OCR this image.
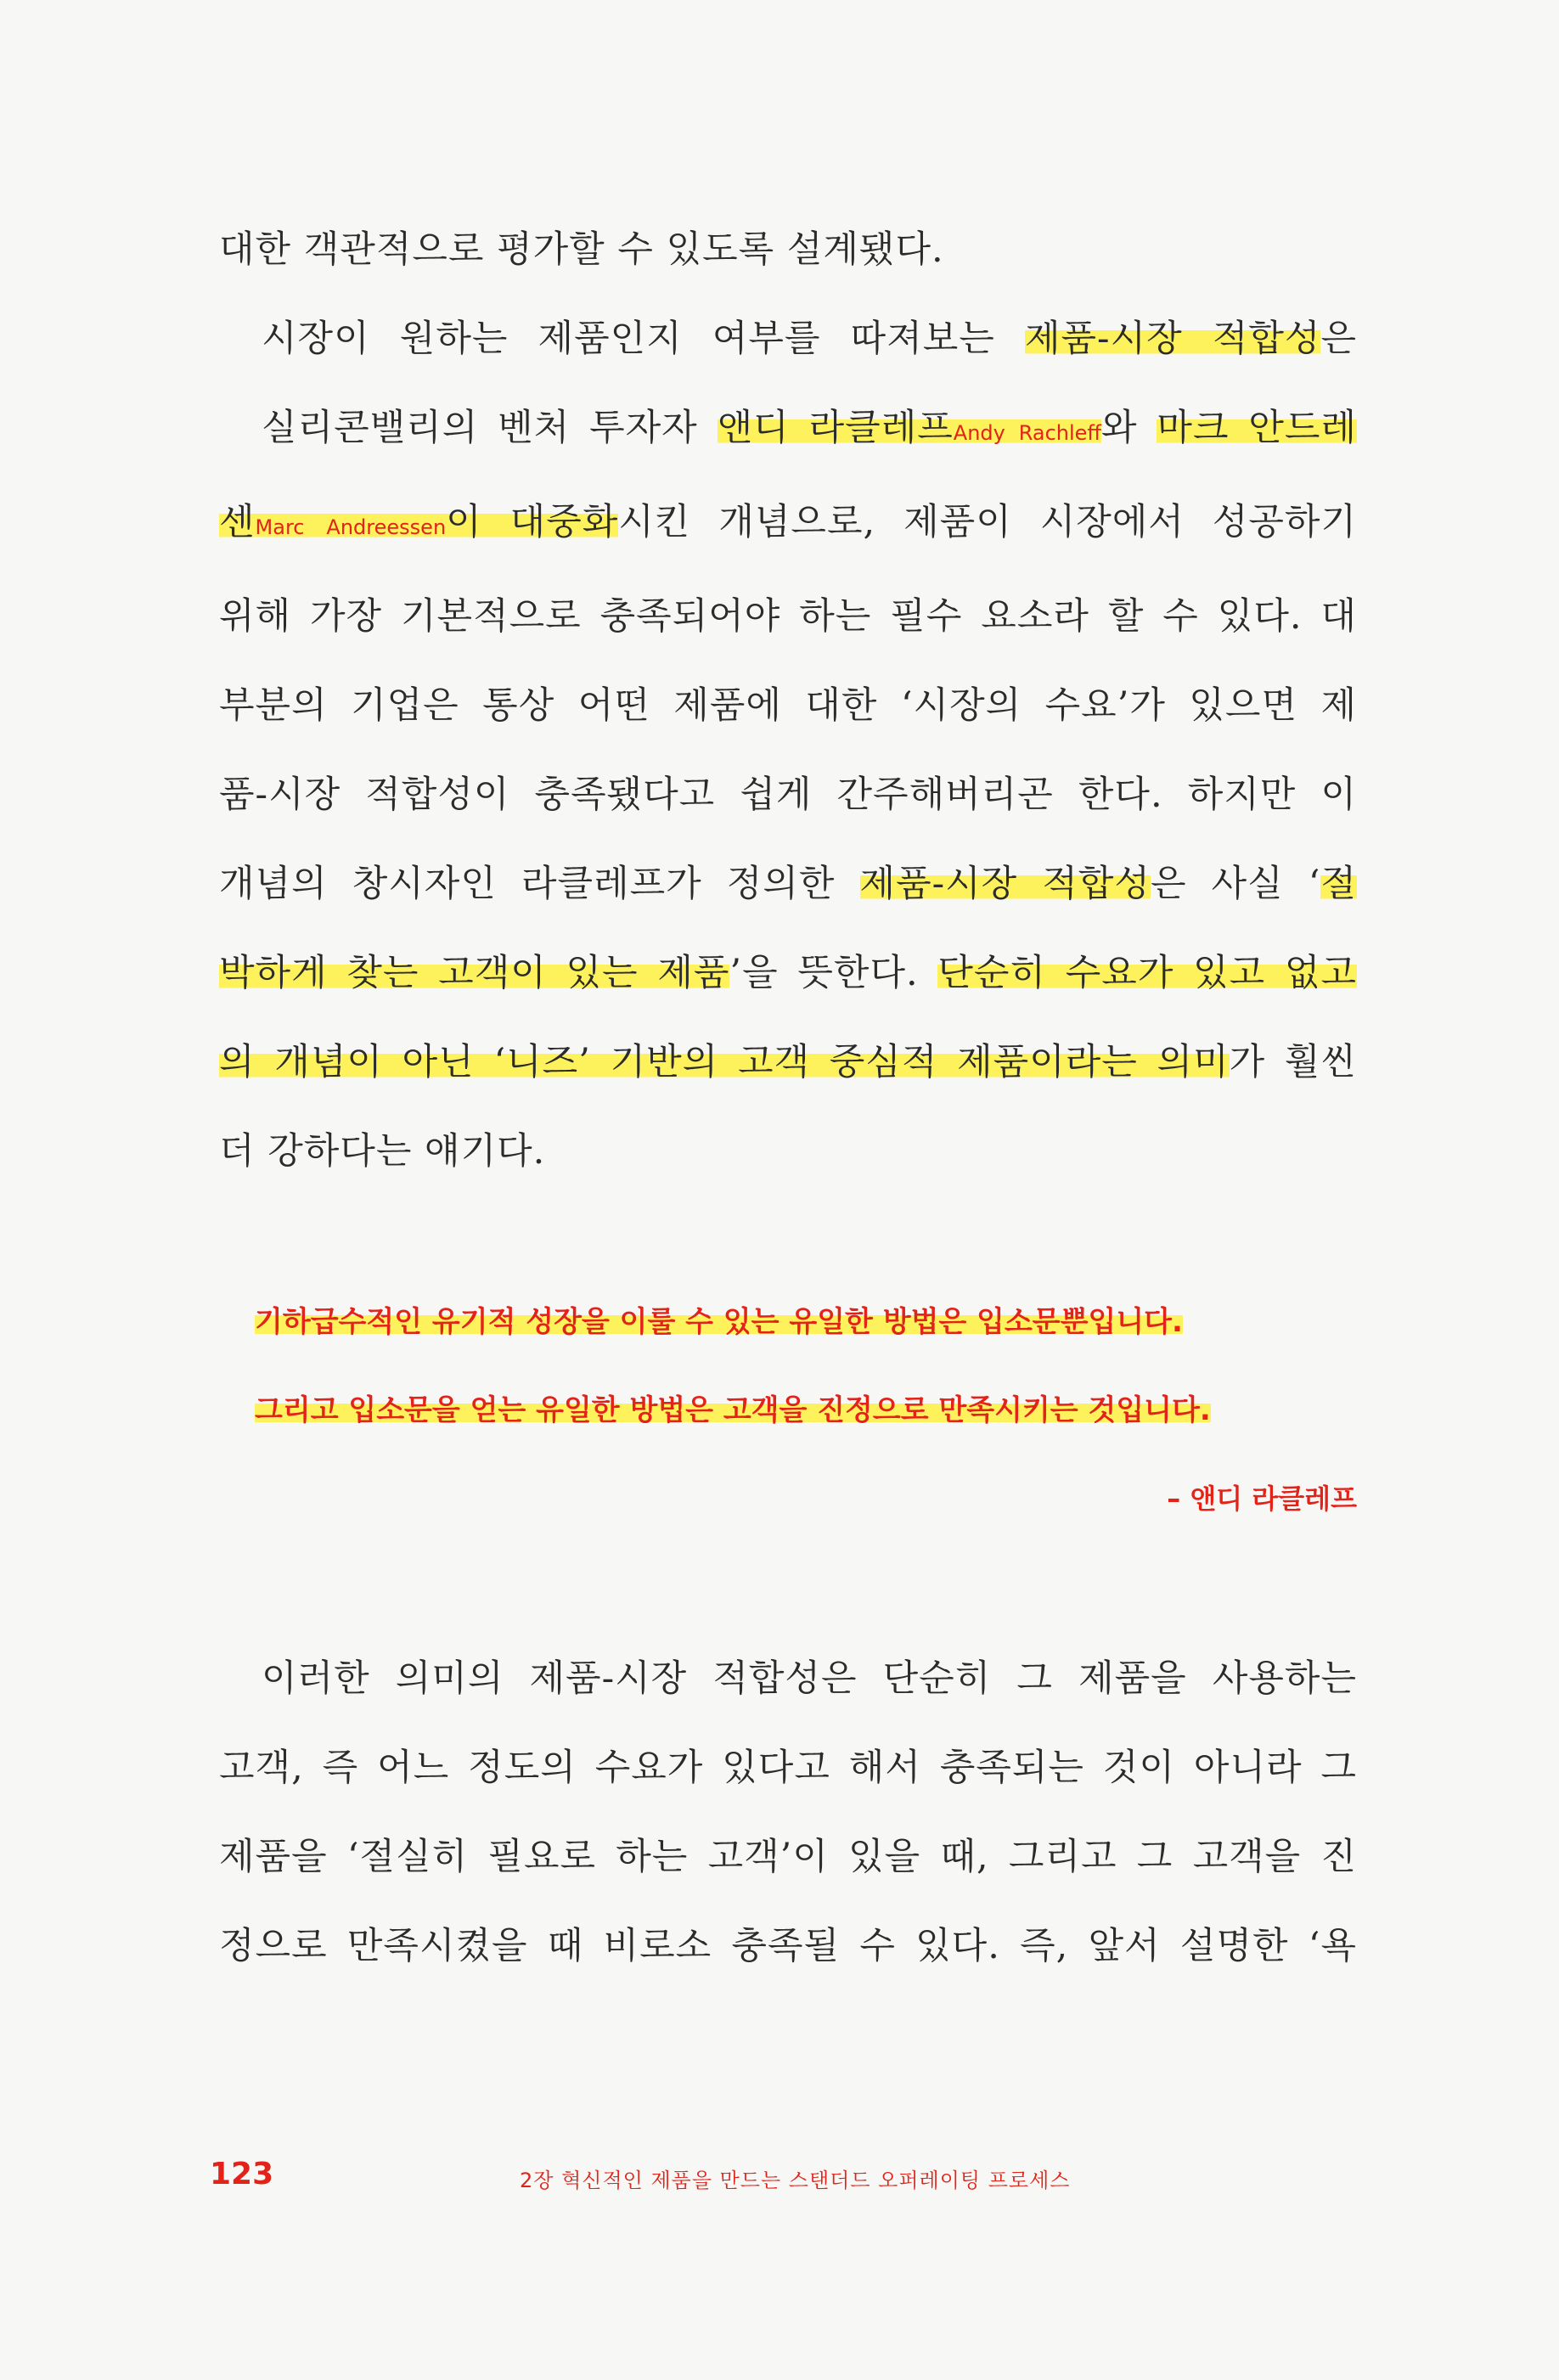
대한 객관적으로 평가할 수 있도록 설계됐다.

시장이 원하는 제품인지 여부를 따져보는 제품-시장 적합성은
실리콘밸리의 벤처 투자자 앤디 라클레프Andy Rachleff와 마크 안드레
센Marc Andreessen이 대중화시킨 개념으로, 제품이 시장에서 성공하기
위해 가장 기본적으로 충족되어야 하는 필수 요소라 할 수 있다. 대
부분의 기업은 통상 어떤 제품에 대한 ‘시장의 수요’가 있으면 제
품-시장 적합성이 충족됐다고 쉽게 간주해버리곤 한다. 하지만 이
개념의 창시자인 라클레프가 정의한 제품-시장 적합성은 사실 ‘절
박하게 찾는 고객이 있는 제품’을 뜻한다. 단순히 수요가 있고 없고
의 개념이 아닌 ‘니즈’ 기반의 고객 중심적 제품이라는 의미가 훨씬
더 강하다는 얘기다.

기하급수적인 유기적 성장을 이룰 수 있는 유일한 방법은 입소문뿐입니다.
그리고 입소문을 얻는 유일한 방법은 고객을 진정으로 만족시키는 것입니다.
– 앤디 라클레프

이러한 의미의 제품-시장 적합성은 단순히 그 제품을 사용하는
고객, 즉 어느 정도의 수요가 있다고 해서 충족되는 것이 아니라 그
제품을 ‘절실히 필요로 하는 고객’이 있을 때, 그리고 그 고객을 진
정으로 만족시켰을 때 비로소 충족될 수 있다. 즉, 앞서 설명한 ‘욕

123	2장 혁신적인 제품을 만드는 스탠더드 오퍼레이팅 프로세스
